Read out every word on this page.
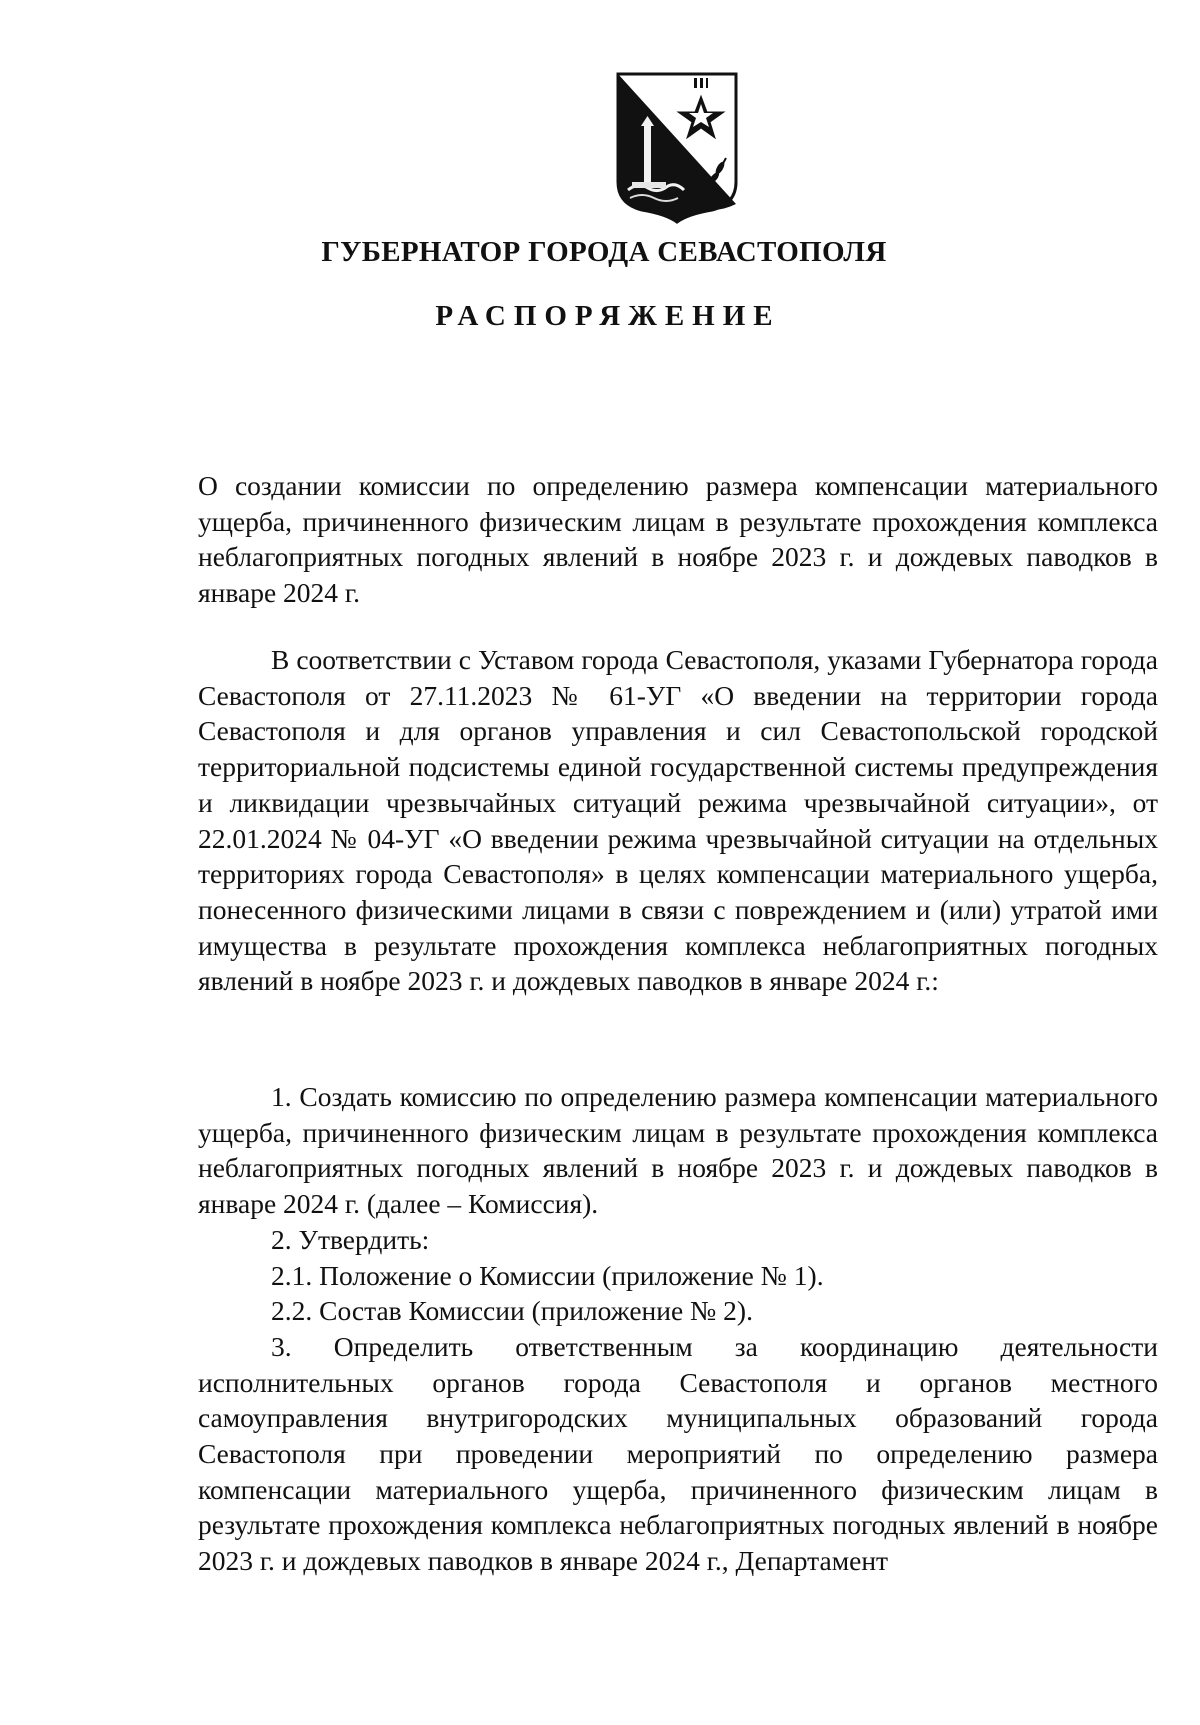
ГУБЕРНАТОР ГОРОДА СЕВАСТОПОЛЯ
РАСПОРЯЖЕНИЕ

О создании комиссии по определению размера компенсации материального ущерба, причиненного физическим лицам в результате прохождения комплекса неблагоприятных погодных явлений в ноябре 2023 г. и дождевых паводков в январе 2024 г.

В соответствии с Уставом города Севастополя, указами Губернатора города Севастополя от 27.11.2023 № 61-УГ «О введении на территории города Севастополя и для органов управления и сил Севастопольской городской территориальной подсистемы единой государственной системы предупреждения и ликвидации чрезвычайных ситуаций режима чрезвычайной ситуации», от 22.01.2024 № 04-УГ «О введении режима чрезвычайной ситуации на отдельных территориях города Севастополя» в целях компенсации материального ущерба, понесенного физическими лицами в связи с повреждением и (или) утратой ими имущества в результате прохождения комплекса неблагоприятных погодных явлений в ноябре 2023 г. и дождевых паводков в январе 2024 г.:

1. Создать комиссию по определению размера компенсации материального ущерба, причиненного физическим лицам в результате прохождения комплекса неблагоприятных погодных явлений в ноябре 2023 г. и дождевых паводков в январе 2024 г. (далее – Комиссия).

2. Утвердить:

2.1. Положение о Комиссии (приложение № 1).

2.2. Состав Комиссии (приложение № 2).

3. Определить ответственным за координацию деятельности исполнительных органов города Севастополя и органов местного самоуправления внутригородских муниципальных образований города Севастополя при проведении мероприятий по определению размера компенсации материального ущерба, причиненного физическим лицам в результате прохождения комплекса неблагоприятных погодных явлений в ноябре 2023 г. и дождевых паводков в январе 2024 г., Департамент
